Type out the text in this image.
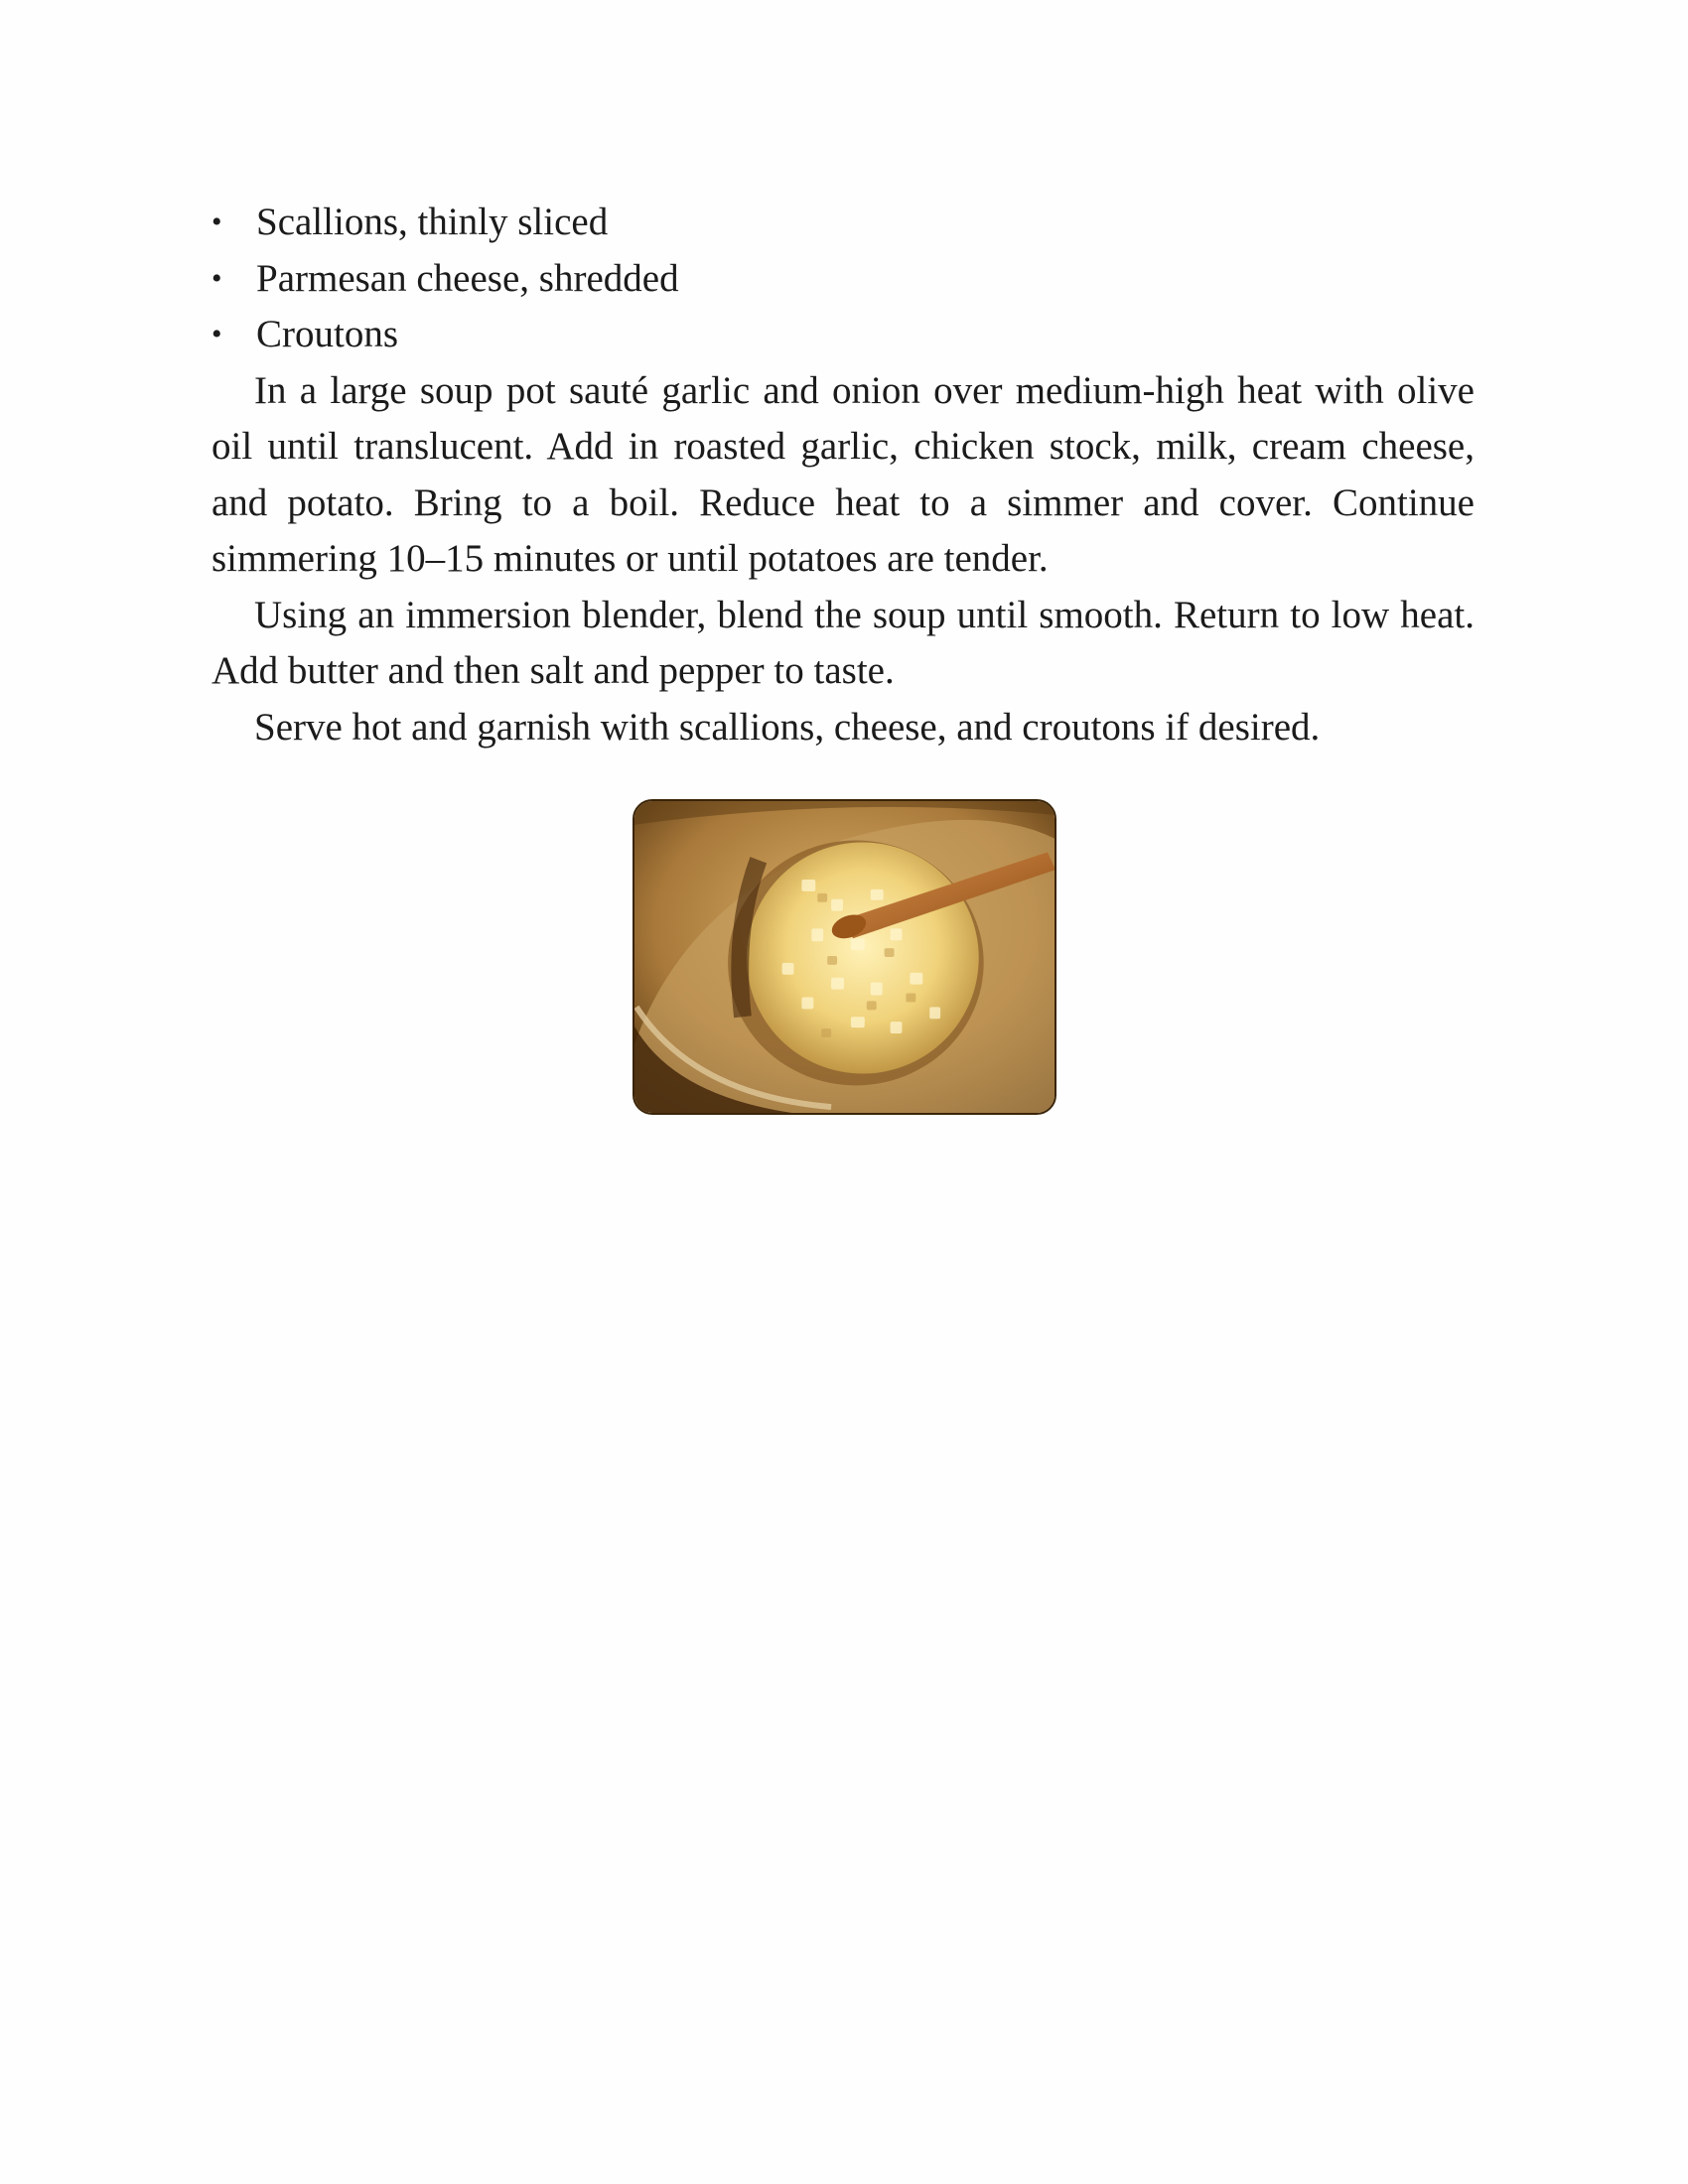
• Scallions, thinly sliced
• Parmesan cheese, shredded
• Croutons

In a large soup pot sauté garlic and onion over medium-high heat with olive oil until translucent. Add in roasted garlic, chicken stock, milk, cream cheese, and potato. Bring to a boil. Reduce heat to a simmer and cover. Continue simmering 10–15 minutes or until potatoes are tender.

Using an immersion blender, blend the soup until smooth. Return to low heat. Add butter and then salt and pepper to taste.

Serve hot and garnish with scallions, cheese, and croutons if desired.
